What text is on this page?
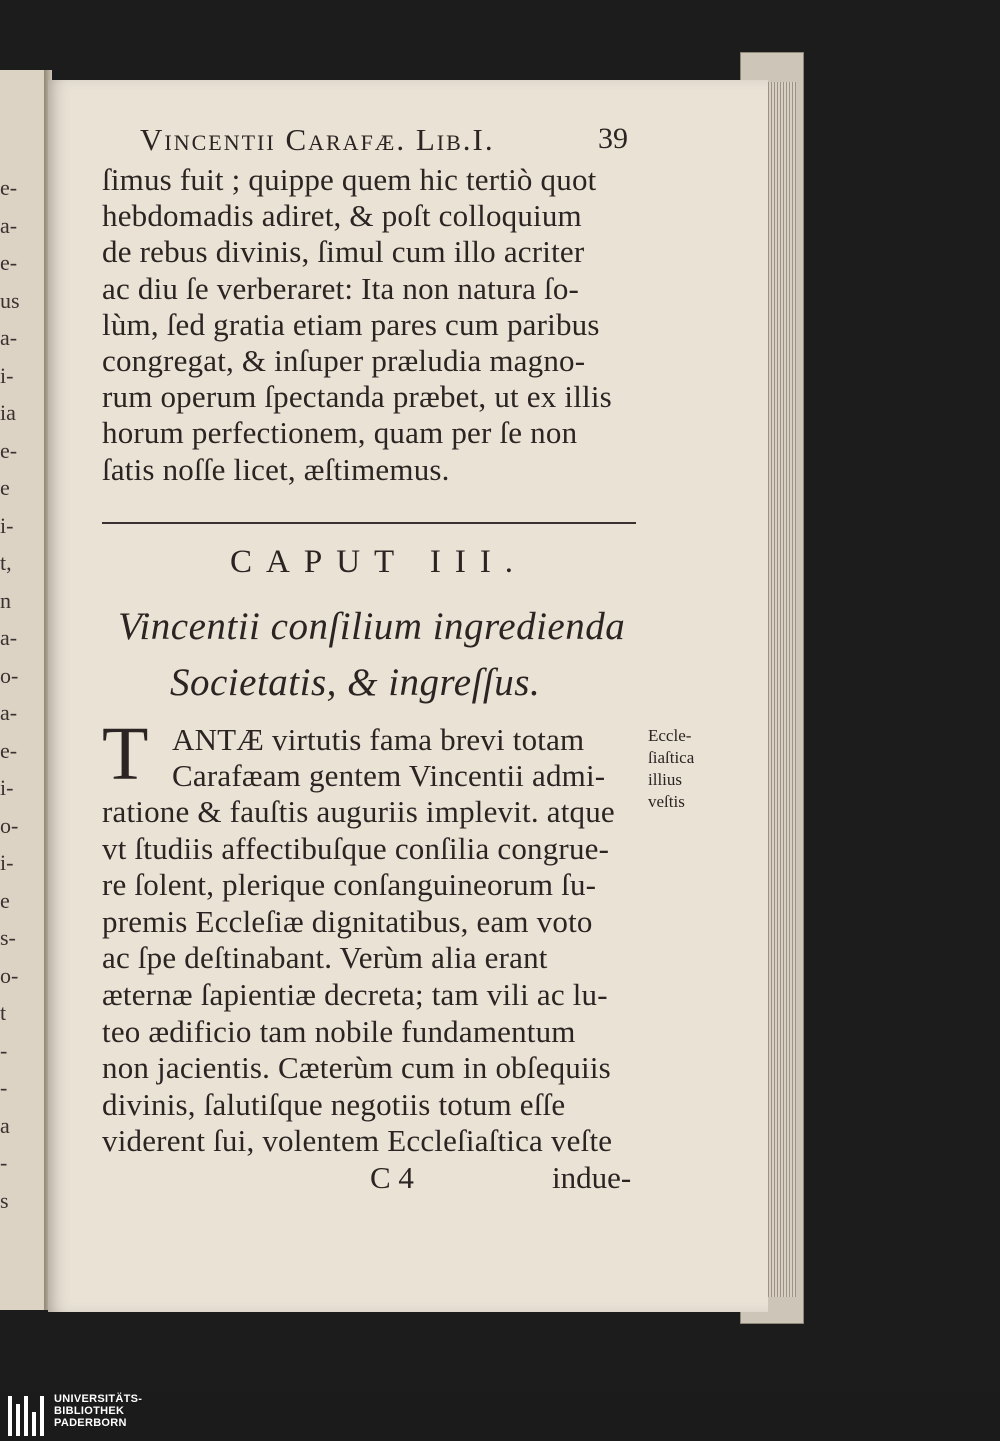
e-
a-
e-
us
a-
i-
ia
e-
e
i-
t,
n
a-
o-
a-
e-
i-
o-
i-
e
s-
o-
t
-
-
a
-
s
Vincentii Carafæ. Lib.I.	39
ſimus fuit ; quippe quem hic tertiò quot
hebdomadis adiret, & poſt colloquium
de rebus divinis, ſimul cum illo acriter
ac diu ſe verberaret: Ita non natura ſo-
lùm, ſed gratia etiam pares cum paribus
congregat, & inſuper præludia magno-
rum operum ſpectanda præbet, ut ex illis
horum perfectionem, quam per ſe non
ſatis noſſe licet, æſtimemus.
CAPUT III.
Vincentii conſilium ingredienda
Societatis, & ingreſſus.
T ANTÆ virtutis fama brevi totam
Carafæam gentem Vincentii admi-
ratione & fauſtis auguriis implevit. atque
vt ſtudiis affectibuſque conſilia congrue-
re ſolent, plerique conſanguineorum ſu-
premis Eccleſiæ dignitatibus, eam voto
ac ſpe deſtinabant. Verùm alia erant
æternæ ſapientiæ decreta; tam vili ac lu-
teo ædificio tam nobile fundamentum
non jacientis. Cæterùm cum in obſequiis
divinis, ſalutiſque negotiis totum eſſe
viderent ſui, volentem Eccleſiaſtica veſte
Eccle-
ſiaſtica
illius
veſtis
C 4	indue-
UNIVERSITÄTS-
BIBLIOTHEK
PADERBORN
